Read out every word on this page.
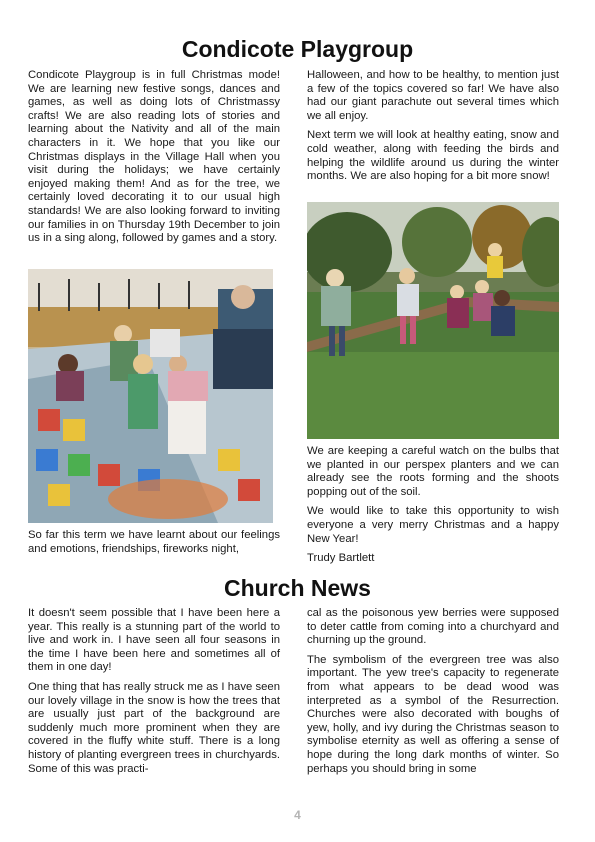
Condicote Playgroup

Condicote Playgroup is in full Christmas mode! We are learning new festive songs, dances and games, as well as doing lots of Christmassy crafts! We are also reading lots of stories and learning about the Nativity and all of the main characters in it. We hope that you like our Christmas displays in the Village Hall when you visit during the holidays; we have certainly enjoyed making them! And as for the tree, we certainly loved decorating it to our usual high standards! We are also looking forward to inviting our families in on Thursday 19th December to join us in a sing along, followed by games and a story.

So far this term we have learnt about our feelings and emotions, friendships, fireworks night,

Halloween, and how to be healthy, to mention just a few of the topics covered so far! We have also had our giant parachute out several times which we all enjoy.

Next term we will look at healthy eating, snow and cold weather, along with feeding the birds and helping the wildlife around us during the winter months. We are also hoping for a bit more snow!

We are keeping a careful watch on the bulbs that we planted in our perspex planters and we can already see the roots forming and the shoots popping out of the soil.

We would like to take this opportunity to wish everyone a very merry Christmas and a happy New Year!

Trudy Bartlett

Church News

It doesn't seem possible that I have been here a year. This really is a stunning part of the world to live and work in. I have seen all four seasons in the time I have been here and sometimes all of them in one day!

One thing that has really struck me as I have seen our lovely village in the snow is how the trees that are usually just part of the background are suddenly much more prominent when they are covered in the fluffy white stuff. There is a long history of planting evergreen trees in churchyards. Some of this was practi-

cal as the poisonous yew berries were supposed to deter cattle from coming into a churchyard and churning up the ground.

The symbolism of the evergreen tree was also important. The yew tree's capacity to regenerate from what appears to be dead wood was interpreted as a symbol of the Resurrection. Churches were also decorated with boughs of yew, holly, and ivy during the Christmas season to symbolise eternity as well as offering a sense of hope during the long dark months of winter. So perhaps you should bring in some

4
